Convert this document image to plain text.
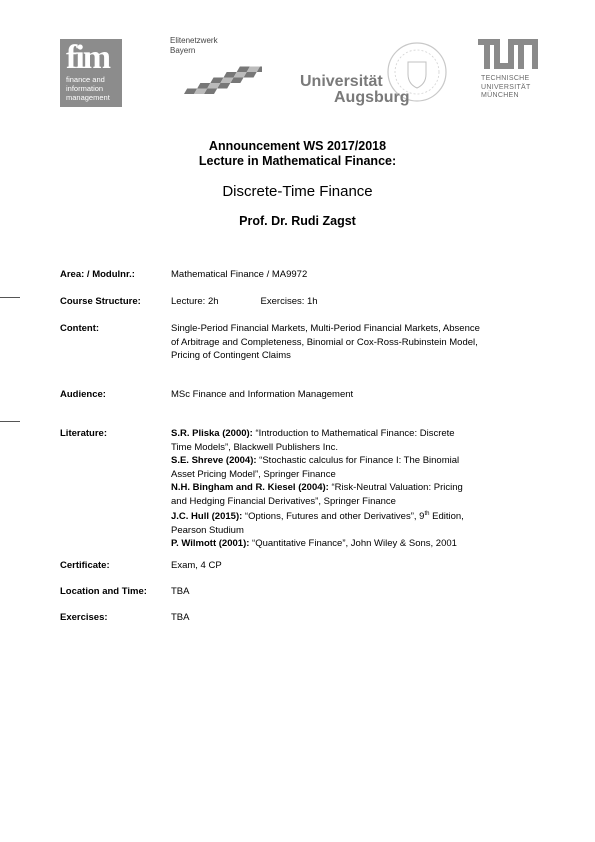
fim
finance and
information
management
Elitenetzwerk
Bayern
Universität
Augsburg
TECHNISCHE
UNIVERSITÄT
MÜNCHEN
Announcement WS 2017/2018
Lecture in Mathematical Finance:
Discrete-Time Finance
Prof. Dr. Rudi Zagst
Area: / Modulnr.:	Mathematical Finance / MA9972
Course Structure:	Lecture: 2h	Exercises: 1h
Content:	Single-Period Financial Markets, Multi-Period Financial Markets, Absence
of Arbitrage and Completeness, Binomial or Cox-Ross-Rubinstein Model,
Pricing of Contingent Claims
Audience:	MSc Finance and Information Management
Literature:	S.R. Pliska (2000): “Introduction to Mathematical Finance: Discrete
Time Models”, Blackwell Publishers Inc.
S.E. Shreve (2004): “Stochastic calculus for Finance I: The Binomial
Asset Pricing Model”, Springer Finance
N.H. Bingham and R. Kiesel (2004): “Risk-Neutral Valuation: Pricing
and Hedging Financial Derivatives”, Springer Finance
J.C. Hull (2015): “Options, Futures and other Derivatives”, 9th Edition,
Pearson Studium
P. Wilmott (2001): “Quantitative Finance”, John Wiley & Sons, 2001
Certificate:	Exam, 4 CP
Location and Time:	TBA
Exercises:	TBA
